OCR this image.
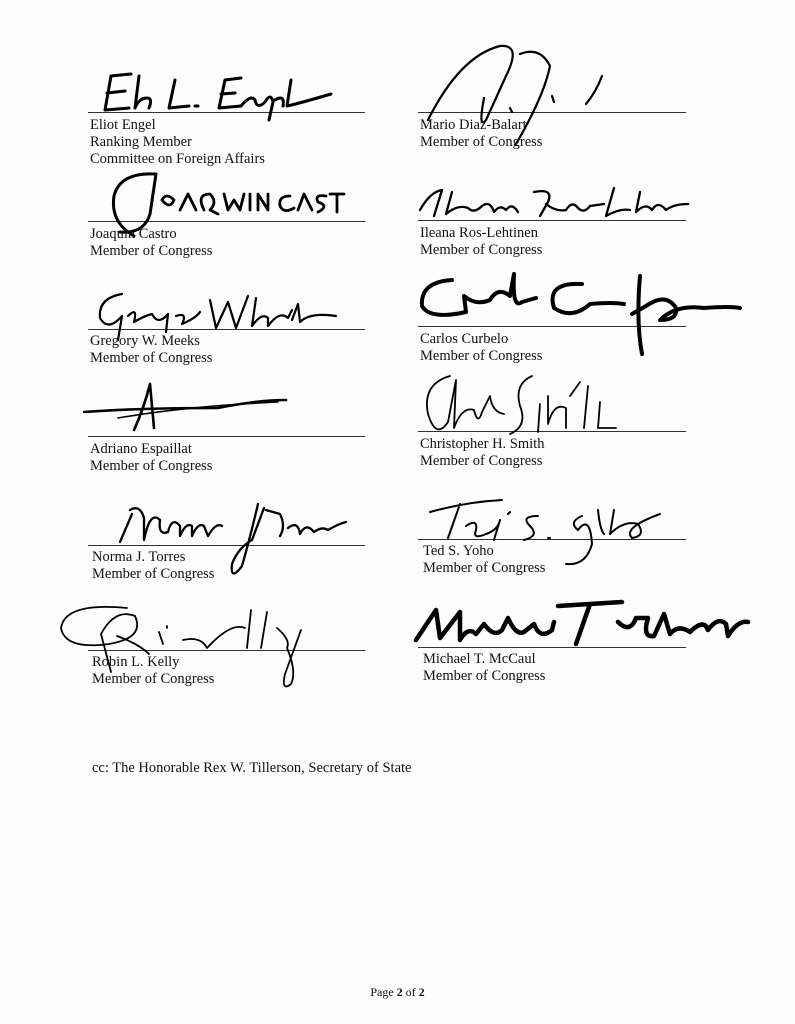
Eliot Engel
Ranking Member
Committee on Foreign Affairs
Joaquin Castro
Member of Congress
Gregory W. Meeks
Member of Congress
Adriano Espaillat
Member of Congress
Norma J. Torres
Member of Congress
Robin L. Kelly
Member of Congress
Mario Diaz-Balart
Member of Congress
Ileana Ros-Lehtinen
Member of Congress
Carlos Curbelo
Member of Congress
Christopher H. Smith
Member of Congress
Ted S. Yoho
Member of Congress
Michael T. McCaul
Member of Congress
cc: The Honorable Rex W. Tillerson, Secretary of State
Page 2 of 2
